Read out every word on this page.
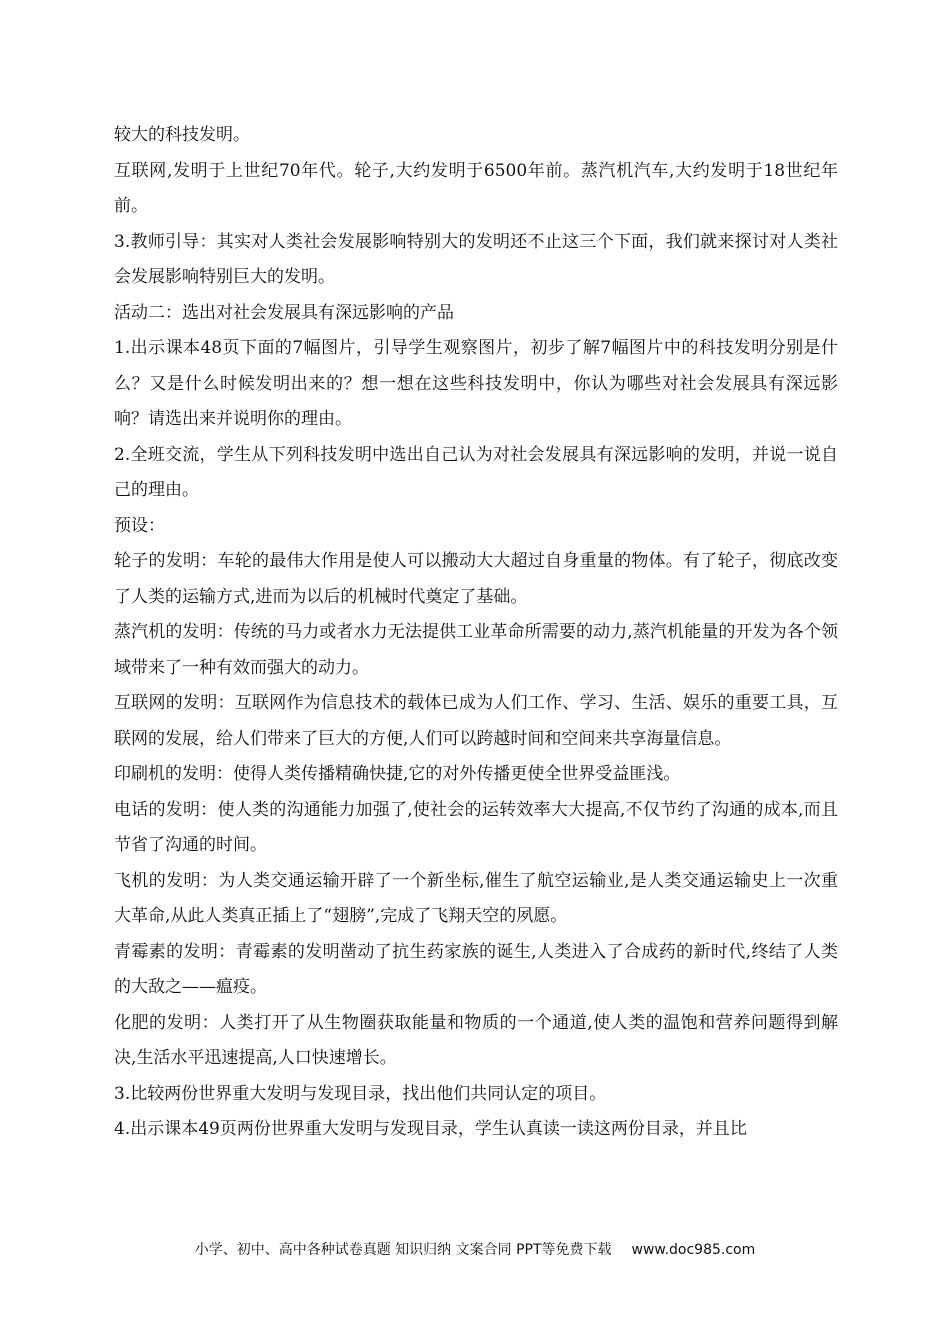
较大的科技发明。

互联网,发明于上世纪70年代。轮子,大约发明于6500年前。蒸汽机汽车,大约发明于18世纪年前。

3.教师引导：其实对人类社会发展影响特别大的发明还不止这三个下面，我们就来探讨对人类社会发展影响特别巨大的发明。

活动二：选出对社会发展具有深远影响的产品

1.出示课本48页下面的7幅图片，引导学生观察图片，初步了解7幅图片中的科技发明分别是什么？又是什么时候发明出来的？想一想在这些科技发明中，你认为哪些对社会发展具有深远影响？请选出来并说明你的理由。

2.全班交流，学生从下列科技发明中选出自己认为对社会发展具有深远影响的发明，并说一说自己的理由。

预设：

轮子的发明：车轮的最伟大作用是使人可以搬动大大超过自身重量的物体。有了轮子，彻底改变了人类的运输方式,进而为以后的机械时代奠定了基础。

蒸汽机的发明：传统的马力或者水力无法提供工业革命所需要的动力,蒸汽机能量的开发为各个领域带来了一种有效而强大的动力。

互联网的发明：互联网作为信息技术的载体已成为人们工作、学习、生活、娱乐的重要工具，互联网的发展，给人们带来了巨大的方便,人们可以跨越时间和空间来共享海量信息。

印刷机的发明：使得人类传播精确快捷,它的对外传播更使全世界受益匪浅。

电话的发明：使人类的沟通能力加强了,使社会的运转效率大大提高,不仅节约了沟通的成本,而且节省了沟通的时间。

飞机的发明：为人类交通运输开辟了一个新坐标,催生了航空运输业,是人类交通运输史上一次重大革命,从此人类真正插上了“翅膀”,完成了飞翔天空的夙愿。

青霉素的发明：青霉素的发明凿动了抗生药家族的诞生,人类进入了合成药的新时代,终结了人类的大敌之——瘟疫。

化肥的发明：人类打开了从生物圈获取能量和物质的一个通道,使人类的温饱和营养问题得到解决,生活水平迅速提高,人口快速增长。

3.比较两份世界重大发明与发现目录，找出他们共同认定的项目。

4.出示课本49页两份世界重大发明与发现目录，学生认真读一读这两份目录，并且比

小学、初中、高中各种试卷真题 知识归纳 文案合同 PPT等免费下载 www.doc985.com
